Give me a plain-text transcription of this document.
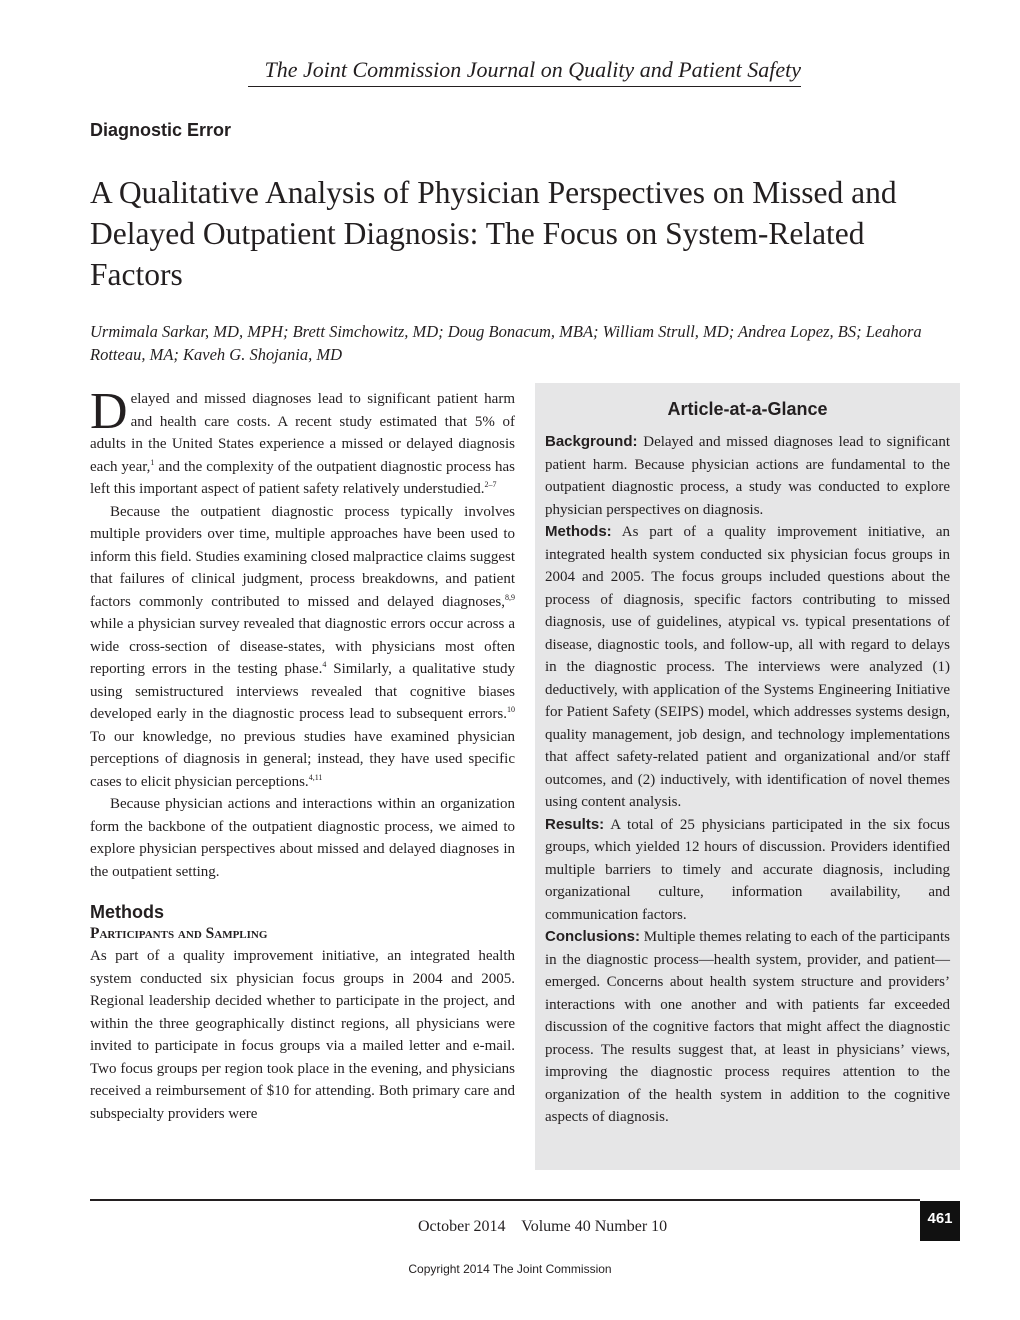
The Joint Commission Journal on Quality and Patient Safety
Diagnostic Error
A Qualitative Analysis of Physician Perspectives on Missed and Delayed Outpatient Diagnosis: The Focus on System-Related Factors
Urmimala Sarkar, MD, MPH; Brett Simchowitz, MD; Doug Bonacum, MBA; William Strull, MD; Andrea Lopez, BS; Leahora Rotteau, MA; Kaveh G. Shojania, MD

Delayed and missed diagnoses lead to significant patient harm and health care costs. A recent study estimated that 5% of adults in the United States experience a missed or delayed diagnosis each year,$^1$ and the complexity of the outpatient diagnostic process has left this important aspect of patient safety relatively understudied.$^{2-7}$

Because the outpatient diagnostic process typically involves multiple providers over time, multiple approaches have been used to inform this field. Studies examining closed malpractice claims suggest that failures of clinical judgment, process breakdowns, and patient factors commonly contributed to missed and delayed diagnoses,$^{8,9}$ while a physician survey revealed that diagnostic errors occur across a wide cross-section of disease-states, with physicians most often reporting errors in the testing phase.$^4$ Similarly, a qualitative study using semistructured interviews revealed that cognitive biases developed early in the diagnostic process lead to subsequent errors.$^{10}$ To our knowledge, no previous studies have examined physician perceptions of diagnosis in general; instead, they have used specific cases to elicit physician perceptions.$^{4,11}$

Because physician actions and interactions within an organization form the backbone of the outpatient diagnostic process, we aimed to explore physician perspectives about missed and delayed diagnoses in the outpatient setting.

Methods
Participants and Sampling

As part of a quality improvement initiative, an integrated health system conducted six physician focus groups in 2004 and 2005. Regional leadership decided whether to participate in the project, and within the three geographically distinct regions, all physicians were invited to participate in focus groups via a mailed letter and e-mail. Two focus groups per region took place in the evening, and physicians received a reimbursement of $10 for attending. Both primary care and subspecialty providers were

Article-at-a-Glance

Background: Delayed and missed diagnoses lead to significant patient harm. Because physician actions are fundamental to the outpatient diagnostic process, a study was conducted to explore physician perspectives on diagnosis.

Methods: As part of a quality improvement initiative, an integrated health system conducted six physician focus groups in 2004 and 2005. The focus groups included questions about the process of diagnosis, specific factors contributing to missed diagnosis, use of guidelines, atypical vs. typical presentations of disease, diagnostic tools, and follow-up, all with regard to delays in the diagnostic process. The interviews were analyzed (1) deductively, with application of the Systems Engineering Initiative for Patient Safety (SEIPS) model, which addresses systems design, quality management, job design, and technology implementations that affect safety-related patient and organizational and/or staff outcomes, and (2) inductively, with identification of novel themes using content analysis.

Results: A total of 25 physicians participated in the six focus groups, which yielded 12 hours of discussion. Providers identified multiple barriers to timely and accurate diagnosis, including organizational culture, information availability, and communication factors.

Conclusions: Multiple themes relating to each of the participants in the diagnostic process—health system, provider, and patient—emerged. Concerns about health system structure and providers’ interactions with one another and with patients far exceeded discussion of the cognitive factors that might affect the diagnostic process. The results suggest that, at least in physicians’ views, improving the diagnostic process requires attention to the organization of the health system in addition to the cognitive aspects of diagnosis.

October 2014    Volume 40 Number 10	461
Copyright 2014 The Joint Commission
